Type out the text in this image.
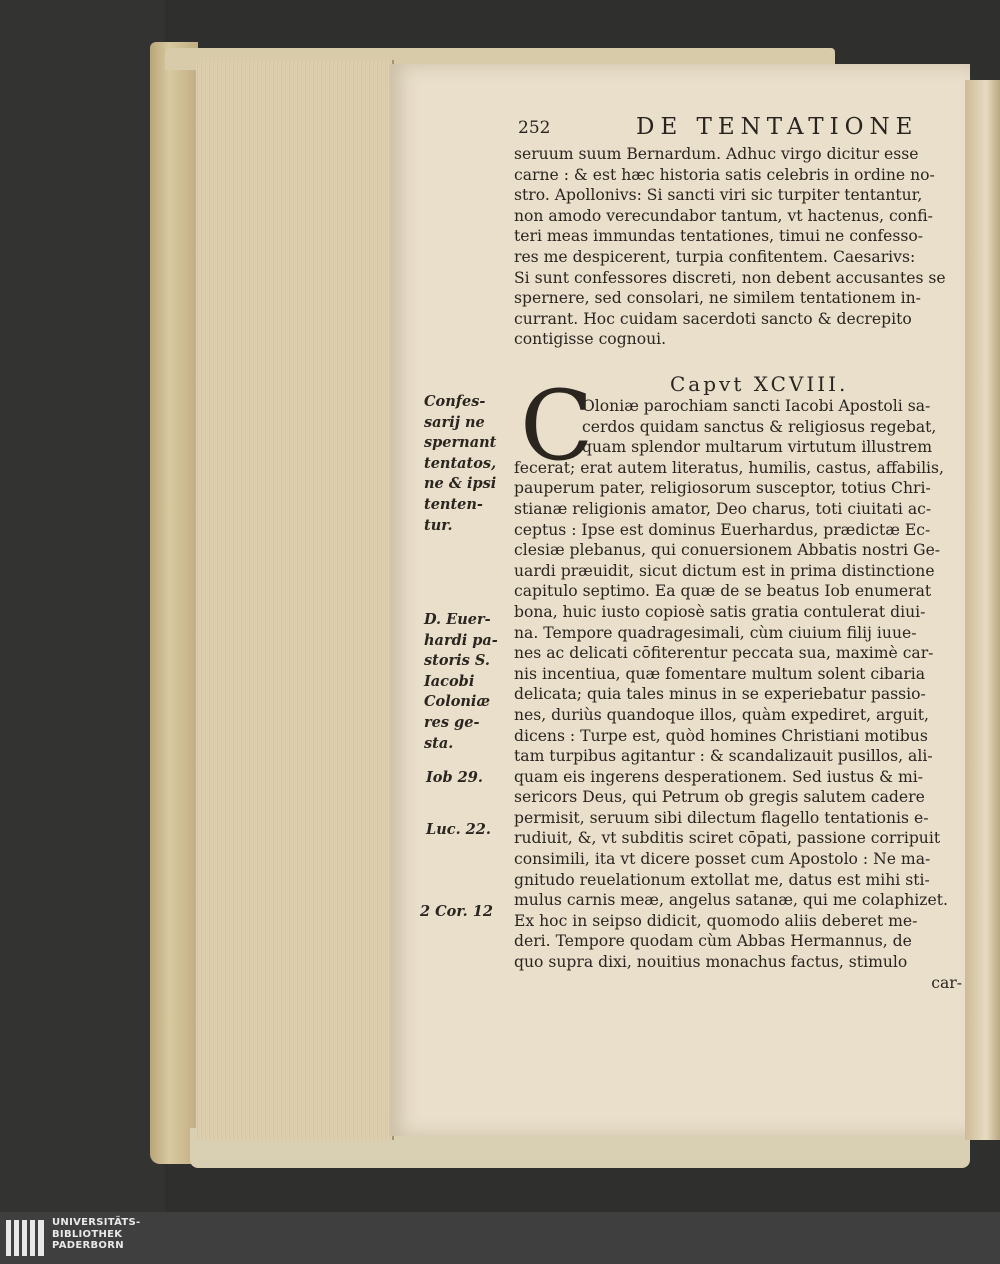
252	DE TENTATIONE
seruum suum Bernardum. Adhuc virgo dicitur esse
carne : & est hæc historia satis celebris in ordine no-
stro. Apollonivs: Si sancti viri sic turpiter tentantur,
non amodo verecundabor tantum, vt hactenus, confi-
teri meas immundas tentationes, timui ne confesso-
res me despicerent, turpia confitentem. Caesarivs:
Si sunt confessores discreti, non debent accusantes se
spernere, sed consolari, ne similem tentationem in-
currant. Hoc cuidam sacerdoti sancto & decrepito
contigisse cognoui.
Capvt XCVIII.
C
Oloniæ parochiam sancti Iacobi Apostoli sa-
cerdos quidam sanctus & religiosus regebat,
quam splendor multarum virtutum illustrem
fecerat; erat autem literatus, humilis, castus, affabilis,
pauperum pater, religiosorum susceptor, totius Chri-
stianæ religionis amator, Deo charus, toti ciuitati ac-
ceptus : Ipse est dominus Euerhardus, prædictæ Ec-
clesiæ plebanus, qui conuersionem Abbatis nostri Ge-
uardi præuidit, sicut dictum est in prima distinctione
capitulo septimo. Ea quæ de se beatus Iob enumerat
bona, huic iusto copiosè satis gratia contulerat diui-
na. Tempore quadragesimali, cùm ciuium filij iuue-
nes ac delicati cōfiterentur peccata sua, maximè car-
nis incentiua, quæ fomentare multum solent cibaria
delicata; quia tales minus in se experiebatur passio-
nes, duriùs quandoque illos, quàm expediret, arguit,
dicens : Turpe est, quòd homines Christiani motibus
tam turpibus agitantur : & scandalizauit pusillos, ali-
quam eis ingerens desperationem. Sed iustus & mi-
sericors Deus, qui Petrum ob gregis salutem cadere
permisit, seruum sibi dilectum flagello tentationis e-
rudiuit, &, vt subditis sciret cōpati, passione corripuit
consimili, ita vt dicere posset cum Apostolo : Ne ma-
gnitudo reuelationum extollat me, datus est mihi sti-
mulus carnis meæ, angelus satanæ, qui me colaphizet.
Ex hoc in seipso didicit, quomodo aliis deberet me-
deri. Tempore quodam cùm Abbas Hermannus, de
quo supra dixi, nouitius monachus factus, stimulo
car-
Confes-
sarij ne
spernant
tentatos,
ne & ipsi
tenten-
tur.
D. Euer-
hardi pa-
storis S.
Iacobi
Coloniæ
res ge-
sta.
Iob 29.
Luc. 22.
2 Cor. 12
UNIVERSITÄTS-
BIBLIOTHEK
PADERBORN
